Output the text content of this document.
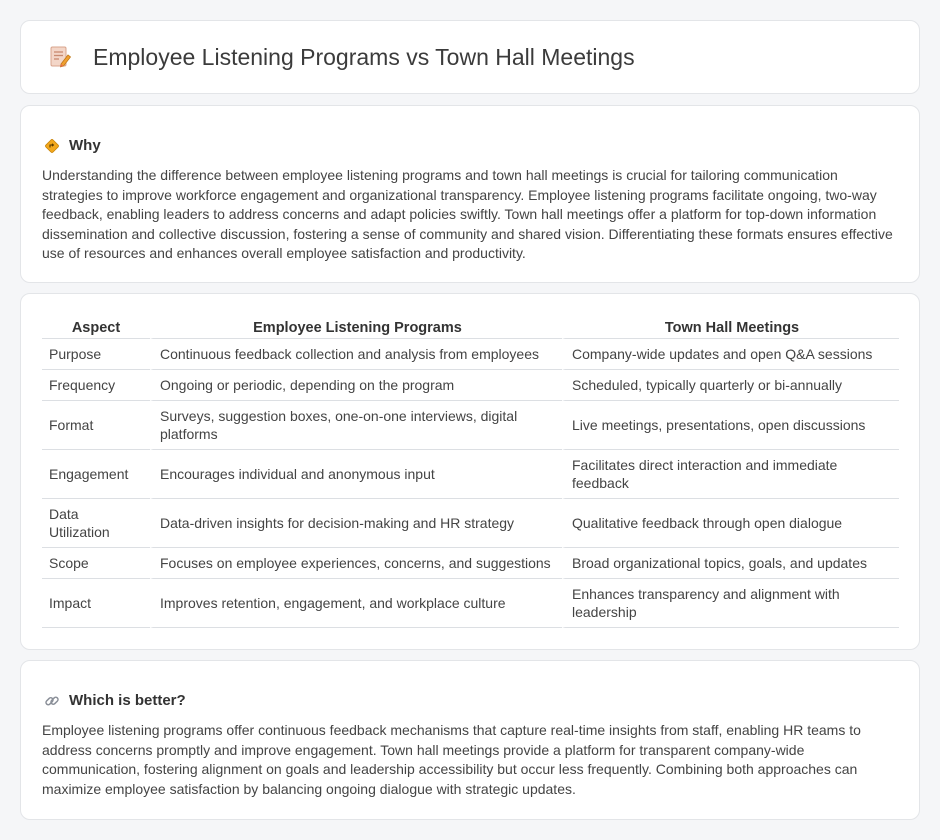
Employee Listening Programs vs Town Hall Meetings
Why

Understanding the difference between employee listening programs and town hall meetings is crucial for tailoring communication strategies to improve workforce engagement and organizational transparency. Employee listening programs facilitate ongoing, two-way feedback, enabling leaders to address concerns and adapt policies swiftly. Town hall meetings offer a platform for top-down information dissemination and collective discussion, fostering a sense of community and shared vision. Differentiating these formats ensures effective use of resources and enhances overall employee satisfaction and productivity.

Aspect	Employee Listening Programs	Town Hall Meetings
Purpose	Continuous feedback collection and analysis from employees	Company-wide updates and open Q&A sessions
Frequency	Ongoing or periodic, depending on the program	Scheduled, typically quarterly or bi-annually
Format	Surveys, suggestion boxes, one-on-one interviews, digital platforms	Live meetings, presentations, open discussions
Engagement	Encourages individual and anonymous input	Facilitates direct interaction and immediate feedback
Data Utilization	Data-driven insights for decision-making and HR strategy	Qualitative feedback through open dialogue
Scope	Focuses on employee experiences, concerns, and suggestions	Broad organizational topics, goals, and updates
Impact	Improves retention, engagement, and workplace culture	Enhances transparency and alignment with leadership
Which is better?

Employee listening programs offer continuous feedback mechanisms that capture real-time insights from staff, enabling HR teams to address concerns promptly and improve engagement. Town hall meetings provide a platform for transparent company-wide communication, fostering alignment on goals and leadership accessibility but occur less frequently. Combining both approaches can maximize employee satisfaction by balancing ongoing dialogue with strategic updates.
